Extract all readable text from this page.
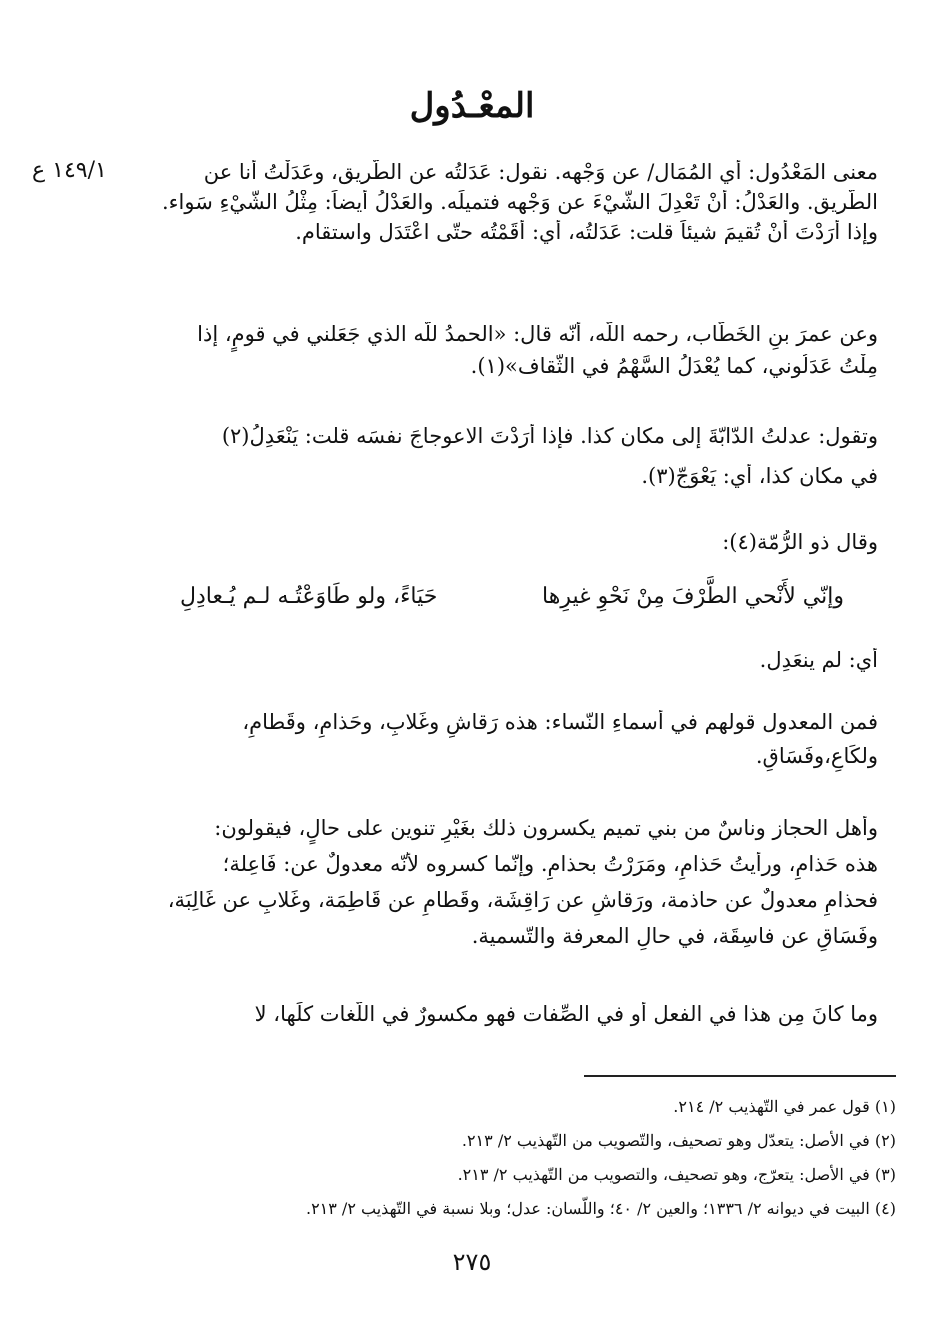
المعْـدُول
١٤٩/١ ع	معنى المَعْدُول: أي المُمَال/ عن وَجْهه. نقول: عَدَلتُه عن الطّريق، وعَدَلْتُ أنا عن
الطَّريق. والعَدْلُ: أنْ تَعْدِلَ الشّيْءَ عن وَجْهه فتميلَه. والعَدْلُ أيضاً: مِثْلُ الشّيْءِ سَواء.
وإذا أَرَدْتَ أنْ تُقيمَ شيئاً قلت: عَدَلتُه، أي: أَقَمْتُه حتّى اعْتَدَل واستقام.

وعن عمرَ بنِ الخَطّاب، رحمه اللّه، أنّه قال: «الحمدُ للّه الذي جَعَلني في قومٍ، إذا
مِلْتُ عَدَلُوني، كما يُعْدَلُ السَّهْمُ في الثّقاف»(١).

وتقول: عدلتُ الدّابّةَ إلى مكان كذا. فإذا أَرَدْتَ الاعوجاجَ نفسَه قلت: يَنْعَدِلُ(٢)
في مكان كذا، أي: يَعْوَجّ(٣).

وقال ذو الرُّمّة(٤):

وإنّي لأَنْحي الطَّرْفَ مِنْ نَحْوِ غيرِها
حَيَاءً، ولو طَاوَعْتُـه لـم يُـعادِلِ

أي: لم ينعَدِل.

فمن المعدول قولهم في أسماءِ النّساء: هذه رَقاشِ وغَلابِ، وحَذامِ، وقَطامِ،
ولكَاعِ،وفَسَاقِ.

وأهل الحجاز وناسٌ من بني تميم يكسرون ذلك بغَيْرِ تنوين على حالٍ، فيقولون:
هذه حَذامِ، ورأيتُ حَذامِ، ومَرَرْتُ بحذامِ. وإنّما كسروه لأنّه معدولٌ عن: فَاعِلة؛
فحذامِ معدولٌ عن حاذمة، ورَقاشِ عن رَاقِشَة، وقَطامِ عن قَاطِمَة، وغَلابِ عن غَالِبَة،
وفَسَاقِ عن فاسِقَة، في حالِ المعرفة والتّسمية.

وما كانَ مِن هذا في الفعل أو في الصِّفات فهو مكسورٌ في اللّغات كلِّها، لا

(١) قول عمر في التّهذيب ٢/ ٢١٤.
(٢) في الأصل: يتعدّل وهو تصحيف، والتّصويب من التّهذيب ٢/ ٢١٣.
(٣) في الأصل: يتعرّج، وهو تصحيف، والتصويب من التّهذيب ٢/ ٢١٣.
(٤) البيت في ديوانه ٢/ ١٣٣٦؛ والعين ٢/ ٤٠؛ واللّسان: عدل؛ وبلا نسبة في التّهذيب ٢/ ٢١٣.
٢٧٥
